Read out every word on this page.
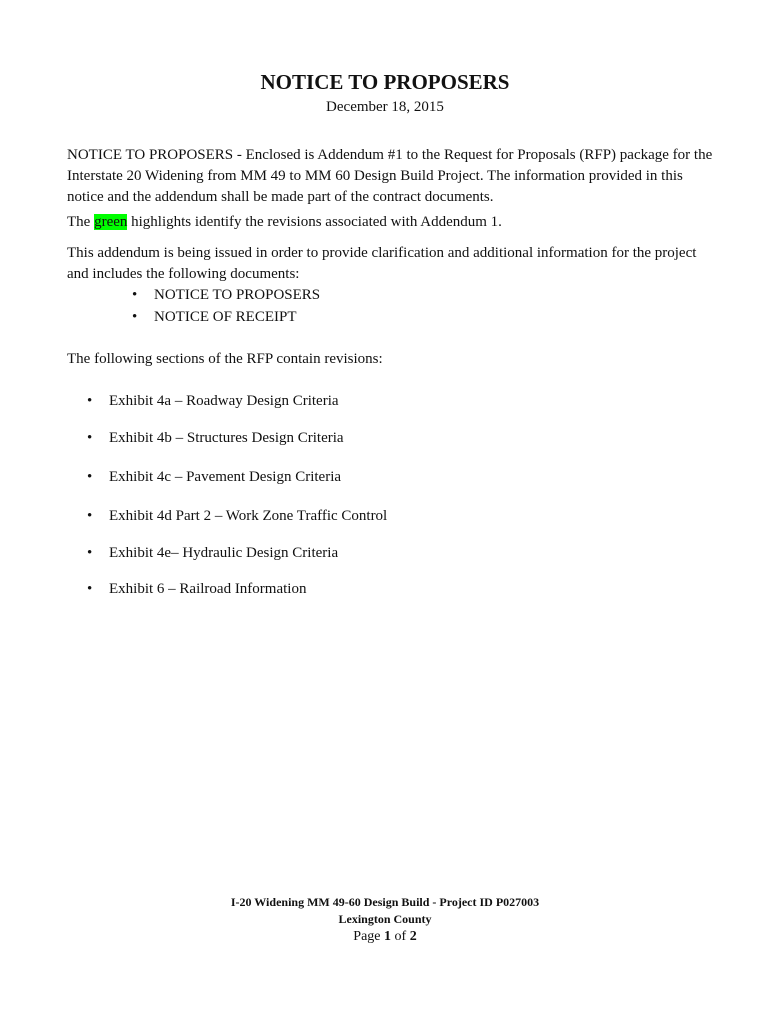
NOTICE TO PROPOSERS
December 18, 2015
NOTICE TO PROPOSERS - Enclosed is Addendum #1 to the Request for Proposals (RFP) package for the Interstate 20 Widening from MM 49 to MM 60 Design Build Project. The information provided in this notice and the addendum shall be made part of the contract documents.
The green highlights identify the revisions associated with Addendum 1.
This addendum is being issued in order to provide clarification and additional information for the project and includes the following documents:
• NOTICE TO PROPOSERS
• NOTICE OF RECEIPT
The following sections of the RFP contain revisions:
• Exhibit 4a – Roadway Design Criteria
• Exhibit 4b – Structures Design Criteria
• Exhibit 4c – Pavement Design Criteria
• Exhibit 4d Part 2 – Work Zone Traffic Control
• Exhibit 4e– Hydraulic Design Criteria
• Exhibit 6 – Railroad Information
I-20 Widening MM 49-60 Design Build - Project ID P027003
Lexington County
Page 1 of 2
